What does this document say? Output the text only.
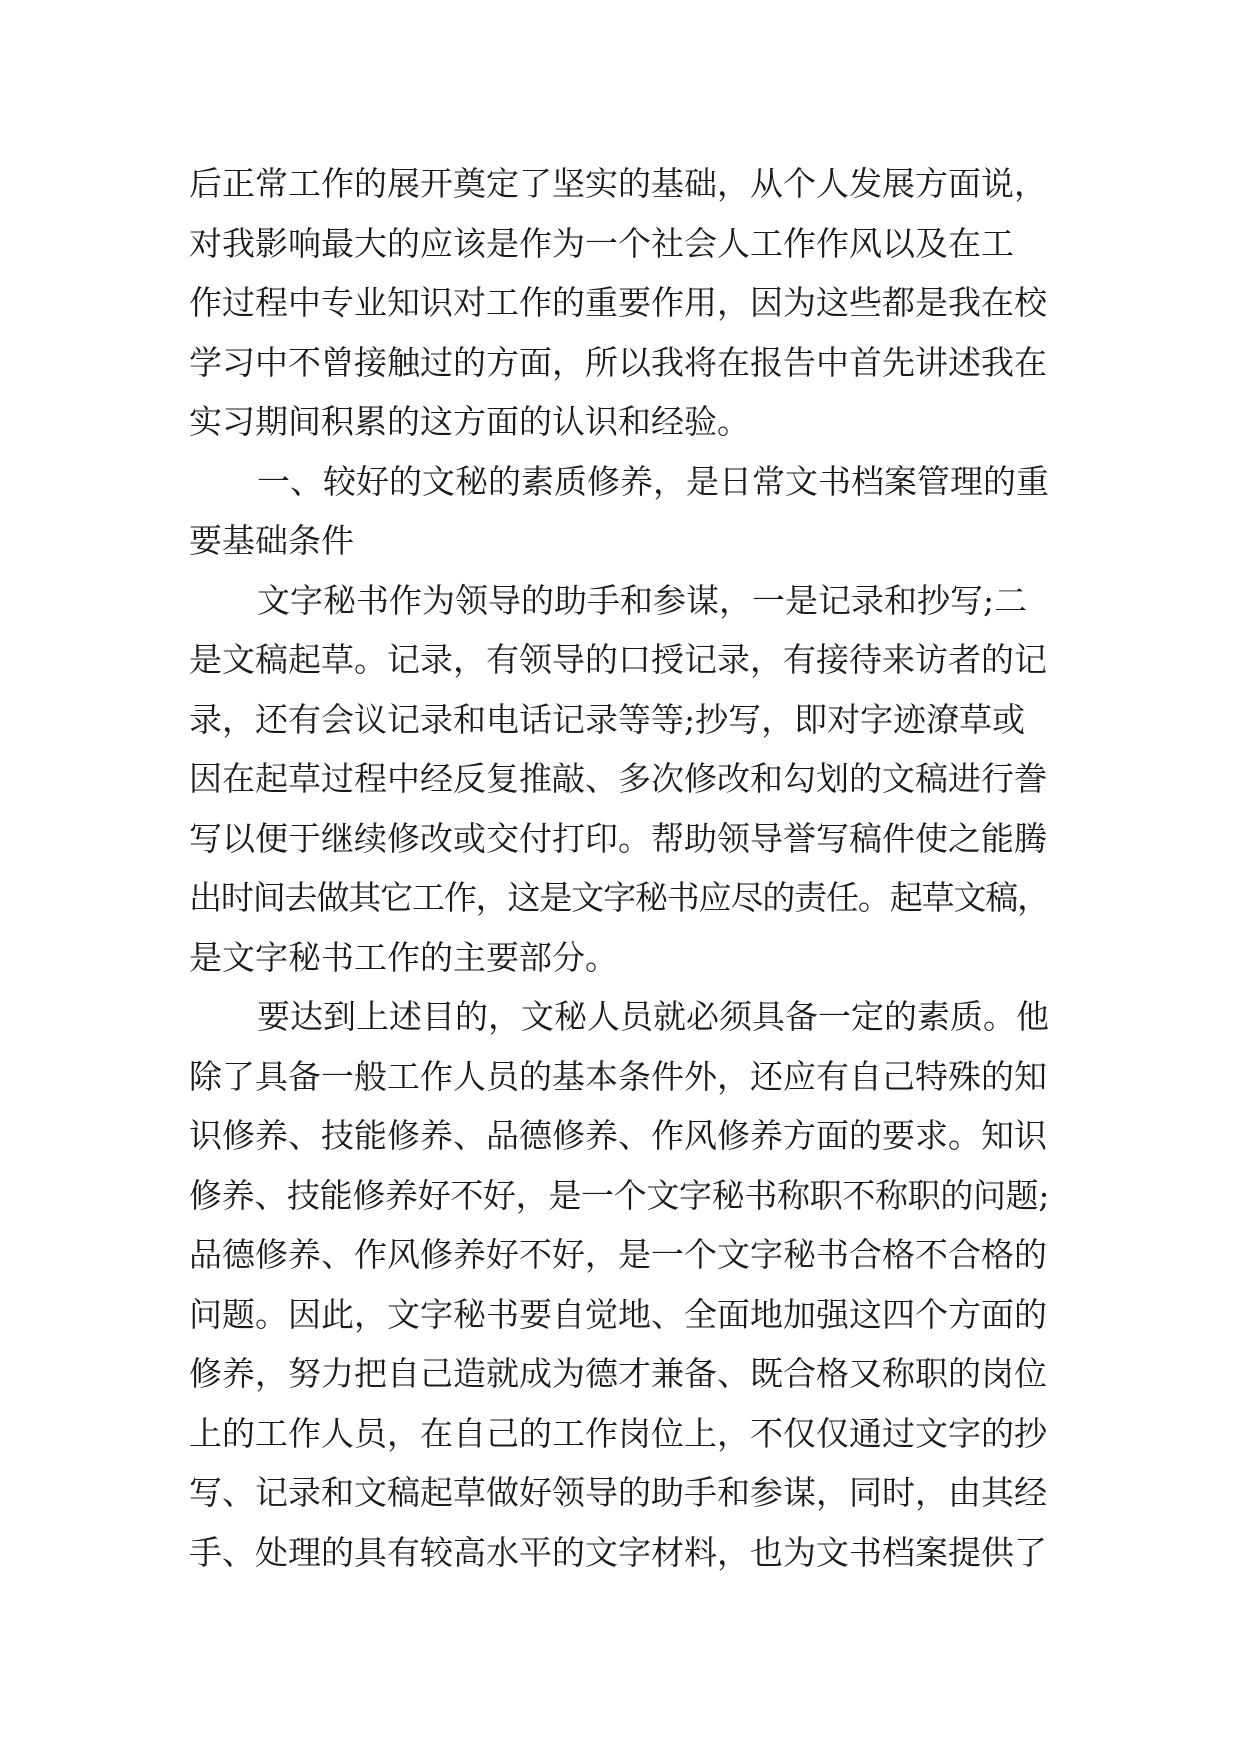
后正常工作的展开奠定了坚实的基础，从个人发展方面说，
对我影响最大的应该是作为一个社会人工作作风以及在工
作过程中专业知识对工作的重要作用，因为这些都是我在校
学习中不曾接触过的方面，所以我将在报告中首先讲述我在
实习期间积累的这方面的认识和经验。
一、较好的文秘的素质修养，是日常文书档案管理的重
要基础条件
文字秘书作为领导的助手和参谋，一是记录和抄写;二
是文稿起草。记录，有领导的口授记录，有接待来访者的记
录，还有会议记录和电话记录等等;抄写，即对字迹潦草或
因在起草过程中经反复推敲、多次修改和勾划的文稿进行誊
写以便于继续修改或交付打印。帮助领导誉写稿件使之能腾
出时间去做其它工作，这是文字秘书应尽的责任。起草文稿，
是文字秘书工作的主要部分。
要达到上述目的，文秘人员就必须具备一定的素质。他
除了具备一般工作人员的基本条件外，还应有自己特殊的知
识修养、技能修养、品德修养、作风修养方面的要求。知识
修养、技能修养好不好，是一个文字秘书称职不称职的问题;
品德修养、作风修养好不好，是一个文字秘书合格不合格的
问题。因此，文字秘书要自觉地、全面地加强这四个方面的
修养，努力把自己造就成为德才兼备、既合格又称职的岗位
上的工作人员，在自己的工作岗位上，不仅仅通过文字的抄
写、记录和文稿起草做好领导的助手和参谋，同时，由其经
手、处理的具有较高水平的文字材料，也为文书档案提供了
